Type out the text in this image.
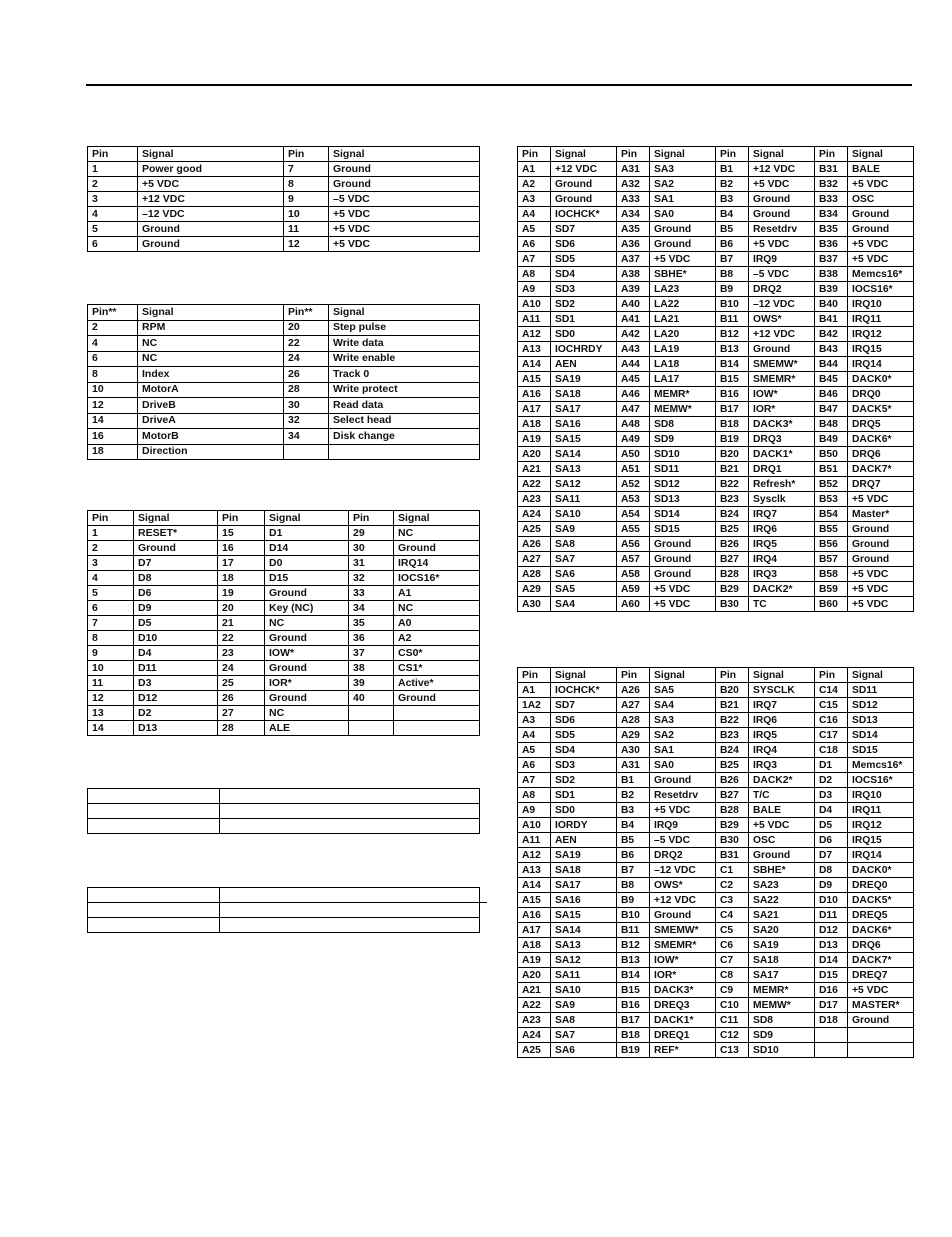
Pin	Signal	Pin	Signal
1	Power good	7	Ground
2	+5 VDC	8	Ground
3	+12 VDC	9	–5 VDC
4	–12 VDC	10	+5 VDC
5	Ground	11	+5 VDC
6	Ground	12	+5 VDC
Pin**	Signal	Pin**	Signal
2	RPM	20	Step pulse
4	NC	22	Write data
6	NC	24	Write enable
8	Index	26	Track 0
10	MotorA	28	Write protect
12	DriveB	30	Read data
14	DriveA	32	Select head
16	MotorB	34	Disk change
18	Direction		
Pin	Signal	Pin	Signal	Pin	Signal
1	RESET*	15	D1	29	NC
2	Ground	16	D14	30	Ground
3	D7	17	D0	31	IRQ14
4	D8	18	D15	32	IOCS16*
5	D6	19	Ground	33	A1
6	D9	20	Key (NC)	34	NC
7	D5	21	NC	35	A0
8	D10	22	Ground	36	A2
9	D4	23	IOW*	37	CS0*
10	D11	24	Ground	38	CS1*
11	D3	25	IOR*	39	Active*
12	D12	26	Ground	40	Ground
13	D2	27	NC		
14	D13	28	ALE		

Pin	Signal	Pin	Signal	Pin	Signal	Pin	Signal
A1	+12 VDC	A31	SA3	B1	+12 VDC	B31	BALE
A2	Ground	A32	SA2	B2	+5 VDC	B32	+5 VDC
A3	Ground	A33	SA1	B3	Ground	B33	OSC
A4	IOCHCK*	A34	SA0	B4	Ground	B34	Ground
A5	SD7	A35	Ground	B5	Resetdrv	B35	Ground
A6	SD6	A36	Ground	B6	+5 VDC	B36	+5 VDC
A7	SD5	A37	+5 VDC	B7	IRQ9	B37	+5 VDC
A8	SD4	A38	SBHE*	B8	–5 VDC	B38	Memcs16*
A9	SD3	A39	LA23	B9	DRQ2	B39	IOCS16*
A10	SD2	A40	LA22	B10	–12 VDC	B40	IRQ10
A11	SD1	A41	LA21	B11	OWS*	B41	IRQ11
A12	SD0	A42	LA20	B12	+12 VDC	B42	IRQ12
A13	IOCHRDY	A43	LA19	B13	Ground	B43	IRQ15
A14	AEN	A44	LA18	B14	SMEMW*	B44	IRQ14
A15	SA19	A45	LA17	B15	SMEMR*	B45	DACK0*
A16	SA18	A46	MEMR*	B16	IOW*	B46	DRQ0
A17	SA17	A47	MEMW*	B17	IOR*	B47	DACK5*
A18	SA16	A48	SD8	B18	DACK3*	B48	DRQ5
A19	SA15	A49	SD9	B19	DRQ3	B49	DACK6*
A20	SA14	A50	SD10	B20	DACK1*	B50	DRQ6
A21	SA13	A51	SD11	B21	DRQ1	B51	DACK7*
A22	SA12	A52	SD12	B22	Refresh*	B52	DRQ7
A23	SA11	A53	SD13	B23	Sysclk	B53	+5 VDC
A24	SA10	A54	SD14	B24	IRQ7	B54	Master*
A25	SA9	A55	SD15	B25	IRQ6	B55	Ground
A26	SA8	A56	Ground	B26	IRQ5	B56	Ground
A27	SA7	A57	Ground	B27	IRQ4	B57	Ground
A28	SA6	A58	Ground	B28	IRQ3	B58	+5 VDC
A29	SA5	A59	+5 VDC	B29	DACK2*	B59	+5 VDC
A30	SA4	A60	+5 VDC	B30	TC	B60	+5 VDC
Pin	Signal	Pin	Signal	Pin	Signal	Pin	Signal
A1	IOCHCK*	A26	SA5	B20	SYSCLK	C14	SD11
1A2	SD7	A27	SA4	B21	IRQ7	C15	SD12
A3	SD6	A28	SA3	B22	IRQ6	C16	SD13
A4	SD5	A29	SA2	B23	IRQ5	C17	SD14
A5	SD4	A30	SA1	B24	IRQ4	C18	SD15
A6	SD3	A31	SA0	B25	IRQ3	D1	Memcs16*
A7	SD2	B1	Ground	B26	DACK2*	D2	IOCS16*
A8	SD1	B2	Resetdrv	B27	T/C	D3	IRQ10
A9	SD0	B3	+5 VDC	B28	BALE	D4	IRQ11
A10	IORDY	B4	IRQ9	B29	+5 VDC	D5	IRQ12
A11	AEN	B5	–5 VDC	B30	OSC	D6	IRQ15
A12	SA19	B6	DRQ2	B31	Ground	D7	IRQ14
A13	SA18	B7	–12 VDC	C1	SBHE*	D8	DACK0*
A14	SA17	B8	OWS*	C2	SA23	D9	DREQ0
A15	SA16	B9	+12 VDC	C3	SA22	D10	DACK5*
A16	SA15	B10	Ground	C4	SA21	D11	DREQ5
A17	SA14	B11	SMEMW*	C5	SA20	D12	DACK6*
A18	SA13	B12	SMEMR*	C6	SA19	D13	DRQ6
A19	SA12	B13	IOW*	C7	SA18	D14	DACK7*
A20	SA11	B14	IOR*	C8	SA17	D15	DREQ7
A21	SA10	B15	DACK3*	C9	MEMR*	D16	+5 VDC
A22	SA9	B16	DREQ3	C10	MEMW*	D17	MASTER*
A23	SA8	B17	DACK1*	C11	SD8	D18	Ground
A24	SA7	B18	DREQ1	C12	SD9		
A25	SA6	B19	REF*	C13	SD10		
